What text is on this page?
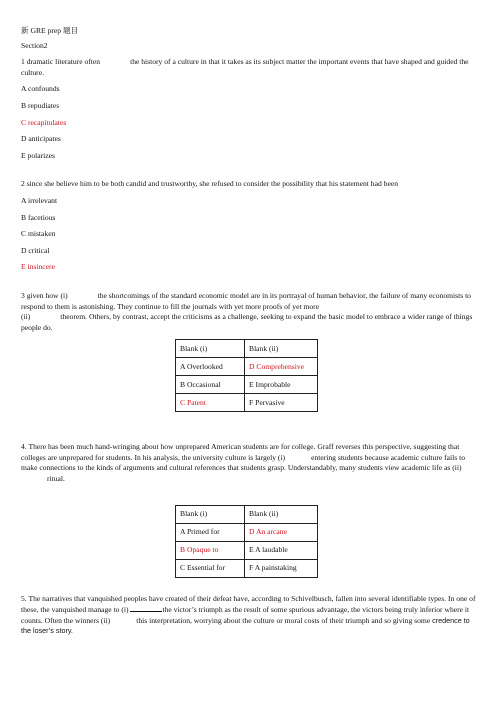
新 GRE prep 题目

Section2

1 dramatic literature often	the history of a culture in that it takes as its subject matter the important events that have shaped and guided the culture.

A confounds

B repudiates

C recapitulates

D anticipates

E polarizes

2 since she believe him to be both candid and trustworthy, she refused to consider the possibility that his statement had been

A irrelevant

B facetious

C mistaken

D critical

E insincere

3 given how (i)	the shortcomings of the standard economic model are in its portrayal of human behavior, the failure of many economists to respond to them is astonishing. They continue to fill the journals with yet more proofs of yet more
(ii)	theorem. Others, by contrast, accept the criticisms as a challenge, seeking to expand the basic model to embrace a wider range of things people do.

Blank (i)	Blank (ii)
A Overlooked	D Comprehensive
B Occasional	E Improbable
C Patent	F Pervasive

4. There has been much hand-wringing about how unprepared American students are for college. Graff reverses this perspective, suggesting that colleges are unprepared for students. In his analysis, the university culture is largely (i)	entering students because academic culture fails to make connections to the kinds of arguments and cultural references that students grasp. Understandably, many students view academic life as (ii)ritual.

Blank (i)	Blank (ii)
A Primed for	D An arcane
B Opaque to	E A laudable
C Essential for	F A painstaking

5. The narratives that vanquished peoples have created of their defeat have, according to Schivelbusch, fallen into several identifiable types. In one of these, the vanquished manage to (i)	the victor’s triumph as the result of some spurious advantage, the victors being truly inferior where it counts. Often the winners (ii)	this interpretation, worrying about the culture or moral costs of their triumph and so giving some credence to the loser’s story.
